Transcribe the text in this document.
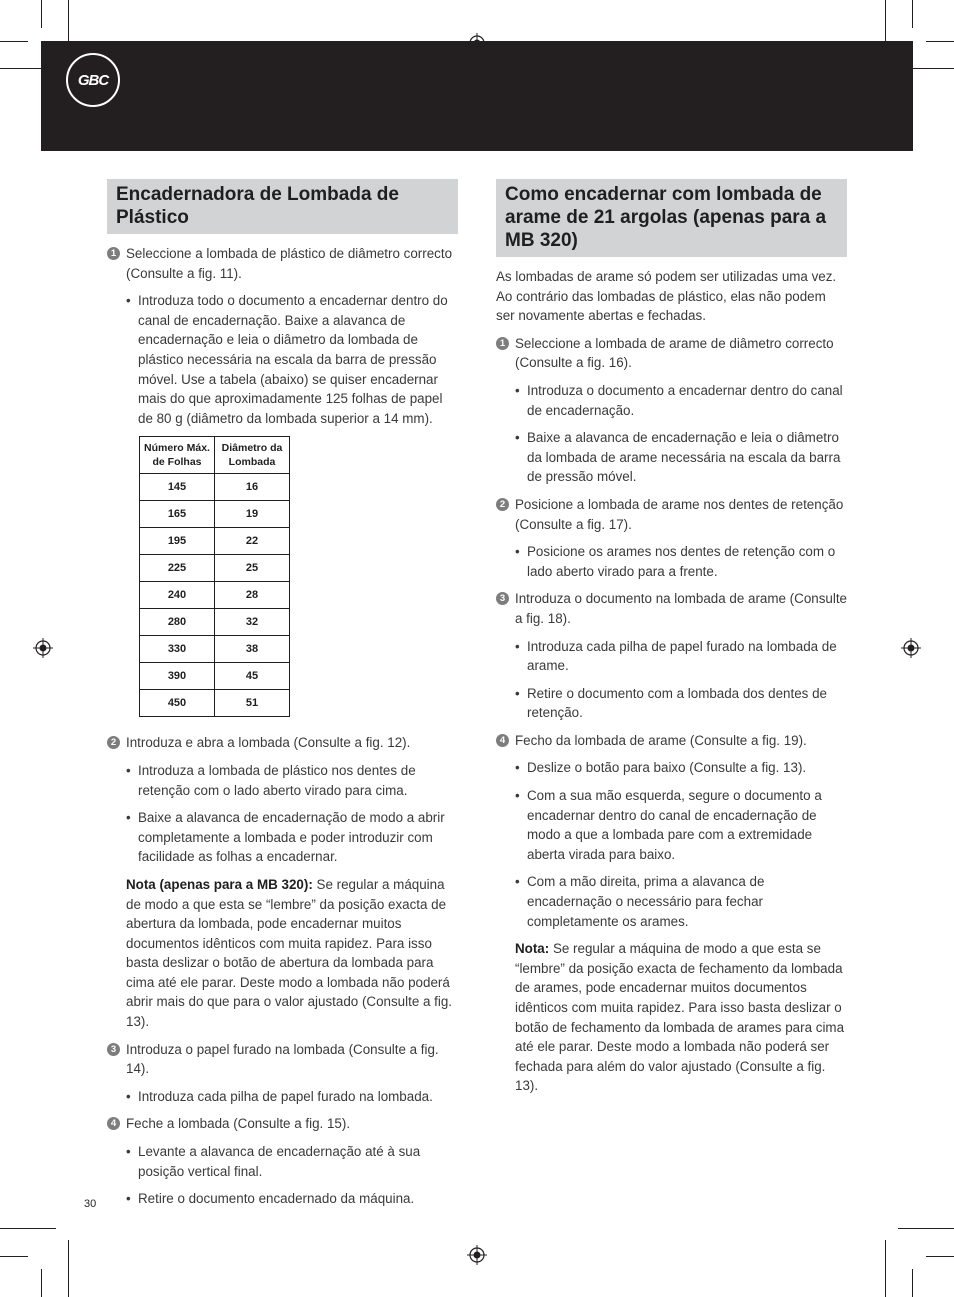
GBC
Encadernadora de Lombada de Plástico
1 Seleccione a lombada de plástico de diâmetro correcto (Consulte a fig. 11).
• Introduza todo o documento a encadernar dentro do canal de encadernação. Baixe a alavanca de encadernação e leia o diâmetro da lombada de plástico necessária na escala da barra de pressão móvel. Use a tabela (abaixo) se quiser encadernar mais do que aproximadamente 125 folhas de papel de 80 g (diâmetro da lombada superior a 14 mm).
Número Máx. de Folhas	Diâmetro da Lombada
145	16
165	19
195	22
225	25
240	28
280	32
330	38
390	45
450	51
2 Introduza e abra a lombada (Consulte a fig. 12).
• Introduza a lombada de plástico nos dentes de retenção com o lado aberto virado para cima.
• Baixe a alavanca de encadernação de modo a abrir completamente a lombada e poder introduzir com facilidade as folhas a encadernar.
Nota (apenas para a MB 320): Se regular a máquina de modo a que esta se “lembre” da posição exacta de abertura da lombada, pode encadernar muitos documentos idênticos com muita rapidez. Para isso basta deslizar o botão de abertura da lombada para cima até ele parar. Deste modo a lombada não poderá abrir mais do que para o valor ajustado (Consulte a fig. 13).
3 Introduza o papel furado na lombada (Consulte a fig. 14).
• Introduza cada pilha de papel furado na lombada.
4 Feche a lombada (Consulte a fig. 15).
• Levante a alavanca de encadernação até à sua posição vertical final.
• Retire o documento encadernado da máquina.
Como encadernar com lombada de arame de 21 argolas (apenas para a MB 320)

As lombadas de arame só podem ser utilizadas uma vez. Ao contrário das lombadas de plástico, elas não podem ser novamente abertas e fechadas.

1 Seleccione a lombada de arame de diâmetro correcto (Consulte a fig. 16).
• Introduza o documento a encadernar dentro do canal de encadernação.
• Baixe a alavanca de encadernação e leia o diâmetro da lombada de arame necessária na escala da barra de pressão móvel.
2 Posicione a lombada de arame nos dentes de retenção (Consulte a fig. 17).
• Posicione os arames nos dentes de retenção com o lado aberto virado para a frente.
3 Introduza o documento na lombada de arame (Consulte a fig. 18).
• Introduza cada pilha de papel furado na lombada de arame.
• Retire o documento com a lombada dos dentes de retenção.
4 Fecho da lombada de arame (Consulte a fig. 19).
• Deslize o botão para baixo (Consulte a fig. 13).
• Com a sua mão esquerda, segure o documento a encadernar dentro do canal de encadernação de modo a que a lombada pare com a extremidade aberta virada para baixo.
• Com a mão direita, prima a alavanca de encadernação o necessário para fechar completamente os arames.
Nota: Se regular a máquina de modo a que esta se “lembre” da posição exacta de fechamento da lombada de arames, pode encadernar muitos documentos idênticos com muita rapidez. Para isso basta deslizar o botão de fechamento da lombada de arames para cima até ele parar. Deste modo a lombada não poderá ser fechada para além do valor ajustado (Consulte a fig. 13).
30
